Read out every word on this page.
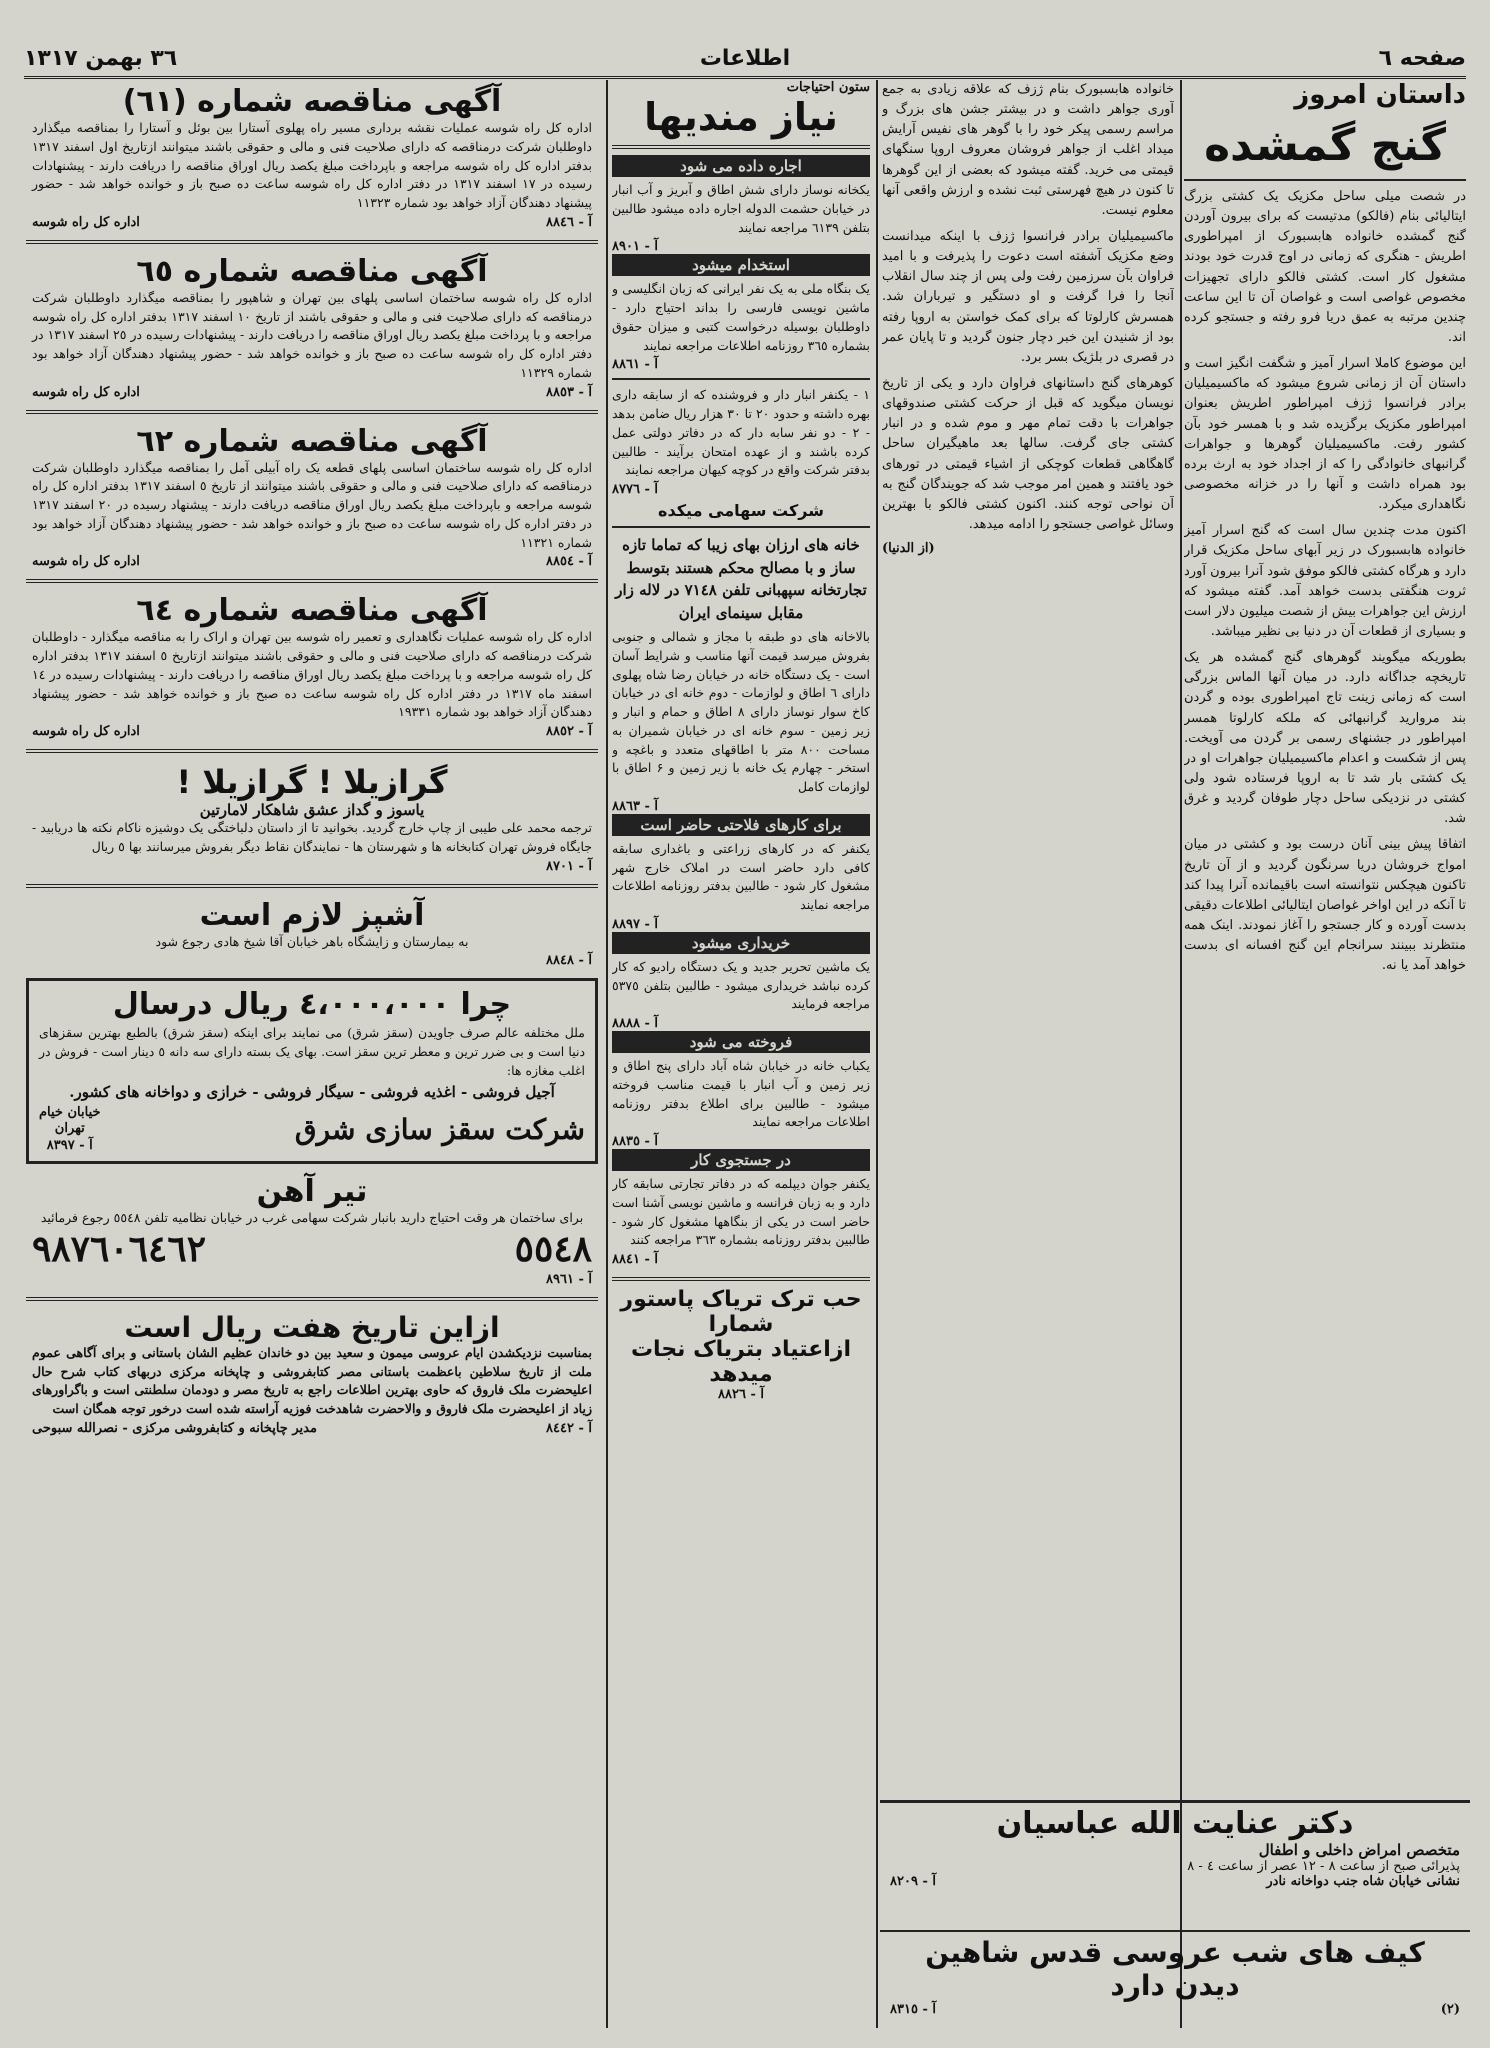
صفحه ٦
اطلاعات
٣٦ بهمن ١٣١٧
داستان امروز
گنج گمشده

در شصت میلی ساحل مکزیک یک کشتی بزرگ ایتالیائی بنام (فالکو) مدتیست که برای بیرون آوردن گنج گمشده خانواده هابسبورک از امپراطوری اطریش - هنگری که زمانی در اوج قدرت خود بودند مشغول کار است. کشتی فالکو دارای تجهیزات مخصوص غواصی است و غواصان آن تا این ساعت چندین مرتبه به عمق دریا فرو رفته و جستجو کرده اند.

این موضوع کاملا اسرار آمیز و شگفت انگیز است و داستان آن از زمانی شروع میشود که ماکسیمیلیان برادر فرانسوا ژزف امپراطور اطریش بعنوان امپراطور مکزیک برگزیده شد و با همسر خود بآن کشور رفت. ماکسیمیلیان گوهرها و جواهرات گرانبهای خانوادگی را که از اجداد خود به ارث برده بود همراه داشت و آنها را در خزانه مخصوصی نگاهداری میکرد.

اکنون مدت چندین سال است که گنج اسرار آمیز خانواده هابسبورک در زیر آبهای ساحل مکزیک قرار دارد و هرگاه کشتی فالکو موفق شود آنرا بیرون آورد ثروت هنگفتی بدست خواهد آمد. گفته میشود که ارزش این جواهرات بیش از شصت میلیون دلار است و بسیاری از قطعات آن در دنیا بی نظیر میباشد.

بطوریکه میگویند گوهرهای گنج گمشده هر یک تاریخچه جداگانه دارد. در میان آنها الماس بزرگی است که زمانی زینت تاج امپراطوری بوده و گردن بند مروارید گرانبهائی که ملکه کارلوتا همسر امپراطور در جشنهای رسمی بر گردن می آویخت. پس از شکست و اعدام ماکسیمیلیان جواهرات او در یک کشتی بار شد تا به اروپا فرستاده شود ولی کشتی در نزدیکی ساحل دچار طوفان گردید و غرق شد.

اتفاقا پیش بینی آنان درست بود و کشتی در میان امواج خروشان دریا سرنگون گردید و از آن تاریخ تاکنون هیچکس نتوانسته است باقیمانده آنرا پیدا کند تا آنکه در این اواخر غواصان ایتالیائی اطلاعات دقیقی بدست آورده و کار جستجو را آغاز نمودند. اینک همه منتظرند ببینند سرانجام این گنج افسانه ای بدست خواهد آمد یا نه.

خانواده هابسبورک بنام ژزف که علاقه زیادی به جمع آوری جواهر داشت و در بیشتر جشن های بزرگ و مراسم رسمی پیکر خود را با گوهر های نفیس آرایش میداد اغلب از جواهر فروشان معروف اروپا سنگهای قیمتی می خرید. گفته میشود که بعضی از این گوهرها تا کنون در هیچ فهرستی ثبت نشده و ارزش واقعی آنها معلوم نیست.

ماکسیمیلیان برادر فرانسوا ژزف با اینکه میدانست وضع مکزیک آشفته است دعوت را پذیرفت و با امید فراوان بآن سرزمین رفت ولی پس از چند سال انقلاب آنجا را فرا گرفت و او دستگیر و تیرباران شد. همسرش کارلوتا که برای کمک خواستن به اروپا رفته بود از شنیدن این خبر دچار جنون گردید و تا پایان عمر در قصری در بلژیک بسر برد.

کوهرهای گنج داستانهای فراوان دارد و یکی از تاریخ نویسان میگوید که قبل از حرکت کشتی صندوقهای جواهرات با دقت تمام مهر و موم شده و در انبار کشتی جای گرفت. سالها بعد ماهیگیران ساحل گاهگاهی قطعات کوچکی از اشیاء قیمتی در تورهای خود یافتند و همین امر موجب شد که جویندگان گنج به آن نواحی توجه کنند. اکنون کشتی فالکو با بهترین وسائل غواصی جستجو را ادامه میدهد.

(از الدنیا)
دکتر عنایت الله عباسیان
متخصص امراض داخلی و اطفال
پذیرائی صبح از ساعت ٨ - ١٢ عصر از ساعت ٤ - ٨
نشانی خیابان شاه جنب دواخانه نادر
آ - ٨٢٠٩
کیف های شب عروسی قدس شاهین دیدن دارد
(٢)
آ - ٨٣١٥
ستون احتیاجات
نیاز مندیها
اجاره داده می شود

یکخانه نوساز دارای شش اطاق و آبریز و آب انبار در خیابان حشمت الدوله اجاره داده میشود طالبین بتلفن ٦١٣٩ مراجعه نمایند

آ - ٨٩٠١
استخدام میشود

یک بنگاه ملی به یک نفر ایرانی که زبان انگلیسی و ماشین نویسی فارسی را بداند احتیاج دارد - داوطلبان بوسیله درخواست کتبی و میزان حقوق بشماره ٣٦٥ روزنامه اطلاعات مراجعه نمایند

آ - ٨٨٦١

١ - یکنفر انبار دار و فروشنده که از سابقه داری بهره داشته و حدود ٢٠ تا ٣٠ هزار ریال ضامن بدهد - ٢ - دو نفر سابه دار که در دفاتر دولتی عمل کرده باشند و از عهده امتحان برآیند - طالبین بدفتر شرکت واقع در کوچه کیهان مراجعه نمایند

آ - ٨٧٧٦
شرکت سهامی میکده
خانه های ارزان بهای زیبا که تماما تازه ساز و با مصالح محکم هستند بتوسط تجارتخانه سپهبانی تلفن ٧١٤٨ در لاله زار مقابل سینمای ایران

بالاخانه های دو طبقه با مجاز و شمالی و جنوبی بفروش میرسد قیمت آنها مناسب و شرایط آسان است - یک دستگاه خانه در خیابان رضا شاه پهلوی دارای ٦ اطاق و لوازمات - دوم خانه ای در خیابان کاخ سوار نوساز دارای ٨ اطاق و حمام و انبار و زیر زمین - سوم خانه ای در خیابان شمیران به مساحت ٨٠٠ متر با اطاقهای متعدد و باغچه و استخر - چهارم یک خانه با زیر زمین و ۶ اطاق با لوازمات کامل

آ - ٨٨٦٣
برای کارهای فلاحتی حاضر است

یکنفر که در کارهای زراعتی و باغداری سابقه کافی دارد حاضر است در املاک خارج شهر مشغول کار شود - طالبین بدفتر روزنامه اطلاعات مراجعه نمایند

آ - ٨٨٩٧
خریداری میشود

یک ماشین تحریر جدید و یک دستگاه رادیو که کار کرده نباشد خریداری میشود - طالبین بتلفن ٥٣٧٥ مراجعه فرمایند

آ - ٨٨٨٨
فروخته می شود

یکباب خانه در خیابان شاه آباد دارای پنج اطاق و زیر زمین و آب انبار با قیمت مناسب فروخته میشود - طالبین برای اطلاع بدفتر روزنامه اطلاعات مراجعه نمایند

آ - ٨٨٣٥
در جستجوی کار

یکنفر جوان دیپلمه که در دفاتر تجارتی سابقه کار دارد و به زبان فرانسه و ماشین نویسی آشنا است حاضر است در یکی از بنگاهها مشغول کار شود - طالبین بدفتر روزنامه بشماره ٣٦٣ مراجعه کنند

آ - ٨٨٤١
حب ترک تریاک پاستور شمارا
ازاعتیاد بتریاک نجات میدهد
آ - ٨٨٢٦
آگهی مناقصه شماره (٦١)

اداره کل راه شوسه عملیات نقشه برداری مسیر راه پهلوی آستارا بین بوئل و آستارا را بمناقصه میگذارد داوطلبان شرکت درمناقصه که دارای صلاحیت فنی و مالی و حقوقی باشند میتوانند ازتاریخ اول اسفند ١٣١٧ بدفتر اداره کل راه شوسه مراجعه و باپرداخت مبلغ یکصد ریال اوراق مناقصه را دریافت دارند - پیشنهادات رسیده در ١٧ اسفند ١٣١٧ در دفتر اداره کل راه شوسه ساعت ده صبح باز و خوانده خواهد شد - حضور پیشنهاد دهندگان آزاد خواهد بود شماره ١١٣٢٣

آ - ٨٨٤٦
اداره کل راه شوسه
آگهی مناقصه شماره ٦٥

اداره کل راه شوسه ساختمان اساسی پلهای بین تهران و شاهپور را بمناقصه میگذارد داوطلبان شرکت درمناقصه که دارای صلاحیت فنی و مالی و حقوقی باشند از تاریخ ١٠ اسفند ١٣١٧ بدفتر اداره کل راه شوسه مراجعه و با پرداخت مبلغ یکصد ریال اوراق مناقصه را دریافت دارند - پیشنهادات رسیده در ٢٥ اسفند ١٣١٧ در دفتر اداره کل راه شوسه ساعت ده صبح باز و خوانده خواهد شد - حضور پیشنهاد دهندگان آزاد خواهد بود شماره ١١٣٢٩

آ - ٨٨٥٣
اداره کل راه شوسه
آگهی مناقصه شماره ٦٢

اداره کل راه شوسه ساختمان اساسی پلهای قطعه یک راه آبیلی آمل را بمناقصه میگذارد داوطلبان شرکت درمناقصه که دارای صلاحیت فنی و مالی و حقوقی باشند میتوانند از تاریخ ٥ اسفند ١٣١٧ بدفتر اداره کل راه شوسه مراجعه و باپرداخت مبلغ یکصد ریال اوراق مناقصه دریافت دارند - پیشنهاد رسیده در ٢٠ اسفند ١٣١٧ در دفتر اداره کل راه شوسه ساعت ده صبح باز و خوانده خواهد شد - حضور پیشنهاد دهندگان آزاد خواهد بود شماره ١١٣٢١

آ - ٨٨٥٤
اداره کل راه شوسه
آگهی مناقصه شماره ٦٤

اداره کل راه شوسه عملیات نگاهداری و تعمیر راه شوسه بین تهران و اراک را به مناقصه میگذارد - داوطلبان شرکت درمناقصه که دارای صلاحیت فنی و مالی و حقوقی باشند میتوانند ازتاریخ ٥ اسفند ١٣١٧ بدفتر اداره کل راه شوسه مراجعه و با پرداخت مبلغ یکصد ریال اوراق مناقصه را دریافت دارند - پیشنهادات رسیده در ١٤ اسفند ماه ١٣١٧ در دفتر اداره کل راه شوسه ساعت ده صبح باز و خوانده خواهد شد - حضور پیشنهاد دهندگان آزاد خواهد بود شماره ١٩٣٣١

آ - ٨٨٥٢
اداره کل راه شوسه
گرازیلا ! گرازیلا !
یاسوز و گداز عشق شاهکار لامارتین

ترجمه محمد علی طیبی از چاپ خارج گردید. بخوانید تا از داستان دلباختگی یک دوشیزه ناکام نکته ها دریابید - جایگاه فروش تهران کتابخانه ها و شهرستان ها - نمایندگان نقاط دیگر بفروش میرسانند بها ٥ ریال

آ - ٨٧٠١
آشپز لازم است

به بیمارستان و زایشگاه باهر خیابان آقا شیخ هادی رجوع شود

آ - ٨٨٤٨
چرا ٤،٠٠٠،٠٠٠ ریال درسال

ملل مختلفه عالم صرف جاویدن (سقز شرق) می نمایند برای اینکه (سقز شرق) بالطبع بهترین سقزهای دنیا است و بی ضرر ترین و معطر ترین سقز است. بهای یک بسته دارای سه دانه ٥ دینار است - فروش در اغلب مغازه ها:

آجیل فروشی - اغذیه فروشی - سیگار فروشی - خرازی و دواخانه های کشور.
شرکت سقز سازی شرق
خیابان خیام
تهران
آ - ٨٣٩٧
تیر آهن

برای ساختمان هر وقت احتیاج دارید بانبار شرکت سهامی غرب در خیابان نظامیه تلفن ٥٥٤٨ رجوع فرمائید

٥٥٤٨
٩٨٧٦٠٦٤٦٢
آ - ٨٩٦١
ازاین تاریخ هفت ریال است

بمناسبت نزدیکشدن ایام عروسی میمون و سعید بین دو خاندان عظیم الشان باستانی و برای آگاهی عموم ملت از تاریخ سلاطین باعظمت باستانی مصر کتابفروشی و چاپخانه مرکزی دربهای کتاب شرح حال اعلیحضرت ملک فاروق که حاوی بهترین اطلاعات راجع به تاریخ مصر و دودمان سلطنتی است و باگراورهای زیاد از اعلیحضرت ملک فاروق و والاحضرت شاهدخت فوزیه آراسته شده است درخور توجه همگان است

آ - ٨٤٤٢
مدیر چاپخانه و کتابفروشی مرکزی - نصرالله سبوحی
